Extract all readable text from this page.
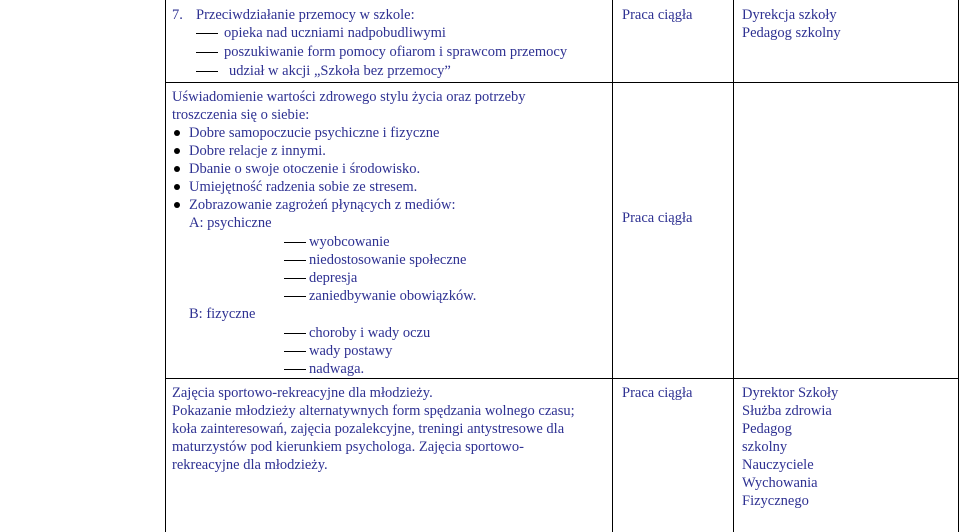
7. Przeciwdziałanie przemocy w szkole:
opieka nad uczniami nadpobudliwymi
poszukiwanie form pomocy ofiarom i sprawcom przemocy
udział w akcji „Szkoła bez przemocy”
Praca ciągła	Dyrekcja szkoły
Pedagog szkolny
Uświadomienie wartości zdrowego stylu życia oraz potrzeby
troszczenia się o siebie:
Dobre samopoczucie psychiczne i fizyczne
Dobre relacje z innymi.
Dbanie o swoje otoczenie i środowisko.
Umiejętność radzenia sobie ze stresem.
Zobrazowanie zagrożeń płynących z mediów:
A: psychiczne
wyobcowanie
niedostosowanie społeczne
depresja
zaniedbywanie obowiązków.
B: fizyczne
choroby i wady oczu
wady postawy
nadwaga.
Praca ciągła
Zajęcia sportowo-rekreacyjne dla młodzieży.
Pokazanie młodzieży alternatywnych form spędzania wolnego czasu;
koła zainteresowań, zajęcia pozalekcyjne, treningi antystresowe dla
maturzystów pod kierunkiem psychologa. Zajęcia sportowo-
rekreacyjne dla młodzieży.
Praca ciągła	Dyrektor Szkoły
Służba zdrowia
Pedagog
szkolny
Nauczyciele
Wychowania
Fizycznego
